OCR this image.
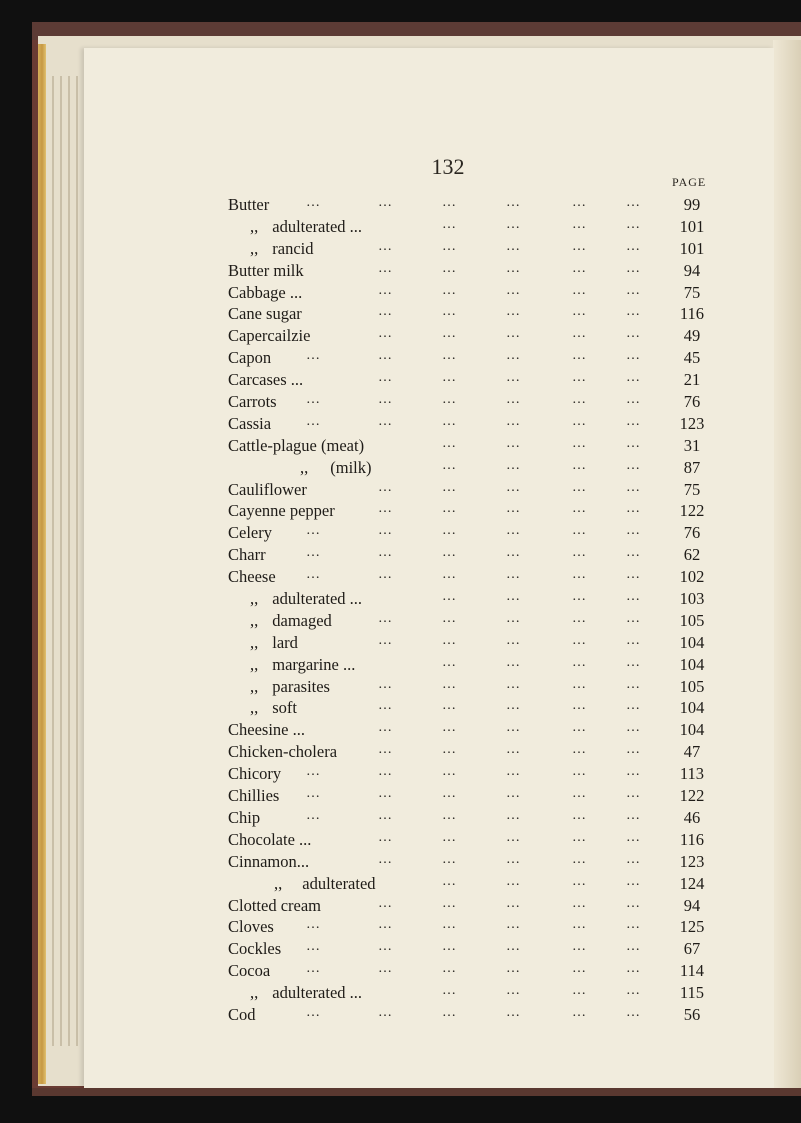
132
PAGE
Butter	…	…	…	…	…	…	99
,, adulterated ...	…	…	…	…	101
,, rancid	…	…	…	…	…	101
Butter milk	…	…	…	…	…	94
Cabbage ...	…	…	…	…	…	75
Cane sugar	…	…	…	…	…	116
Capercailzie	…	…	…	…	…	49
Capon …	…	…	…	…	…	45
Carcases ...	…	…	…	…	…	21
Carrots …	…	…	…	…	…	76
Cassia …	…	…	…	…	…	123
Cattle-plague (meat)	…	…	…	…	31
,, (milk)	…	…	…	…	87
Cauliflower	…	…	…	…	…	75
Cayenne pepper	…	…	…	…	…	122
Celery …	…	…	…	…	…	76
Charr	…	…	…	…	…	…	62
Cheese …	…	…	…	…	…	102
,, adulterated ...	…	…	…	…	103
,, damaged	…	…	…	…	…	105
,, lard	…	…	…	…	…	104
,, margarine ...	…	…	…	…	104
,, parasites	…	…	…	…	…	105
,, soft	…	…	…	…	…	104
Cheesine ...	…	…	…	…	…	104
Chicken-cholera	…	…	…	…	…	47
Chicory …	…	…	…	…	…	113
Chillies …	…	…	…	…	…	122
Chip	…	…	…	…	…	…	46
Chocolate ...	…	…	…	…	…	116
Cinnamon...	…	…	…	…	…	123
,, adulterated	…	…	…	…	124
Clotted cream	…	…	…	…	…	94
Cloves …	…	…	…	…	…	125
Cockles …	…	…	…	…	…	67
Cocoa	…	…	…	…	…	…	114
,, adulterated ...	…	…	…	…	115
Cod	…	…	…	…	…	…	56
